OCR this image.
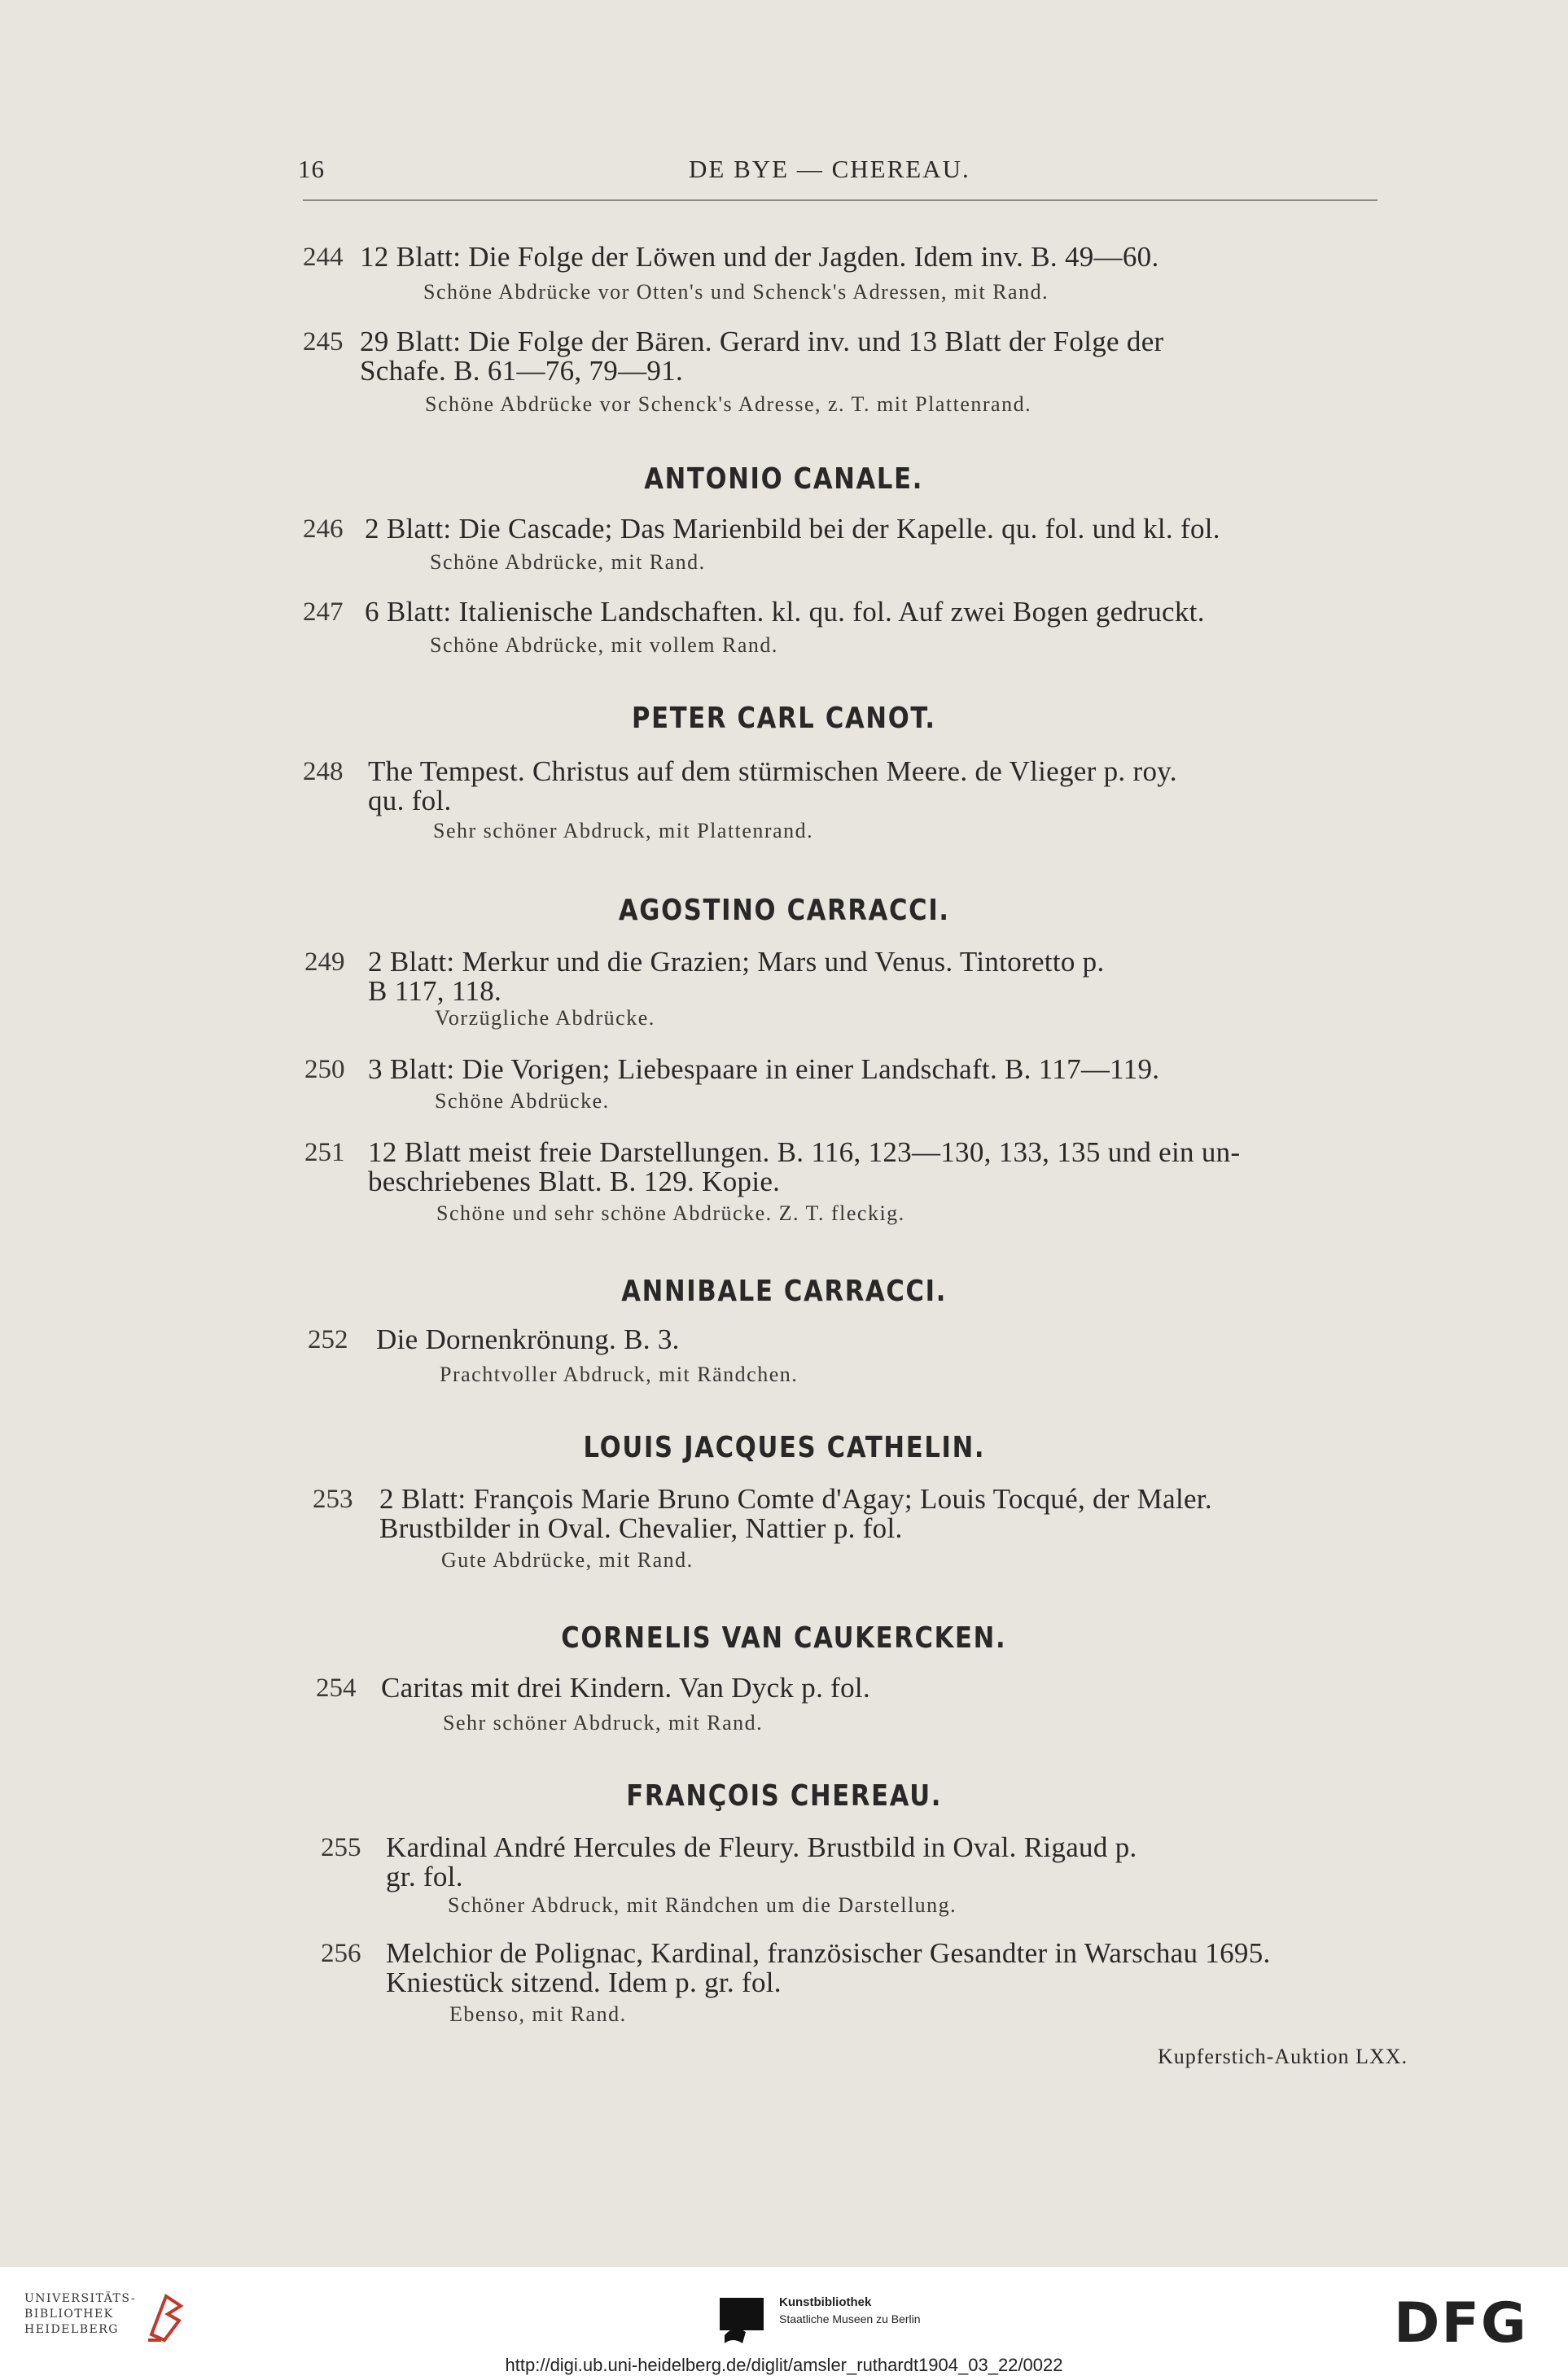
16	DE BYE — CHEREAU.
244 12 Blatt: Die Folge der Löwen und der Jagden. Idem inv. B. 49—60.
Schöne Abdrücke vor Otten's und Schenck's Adressen, mit Rand.
245 29 Blatt: Die Folge der Bären. Gerard inv. und 13 Blatt der Folge der
Schafe. B. 61—76, 79—91.
Schöne Abdrücke vor Schenck's Adresse, z. T. mit Plattenrand.
ANTONIO CANALE.
246 2 Blatt: Die Cascade; Das Marienbild bei der Kapelle. qu. fol. und kl. fol.
Schöne Abdrücke, mit Rand.
247 6 Blatt: Italienische Landschaften. kl. qu. fol. Auf zwei Bogen gedruckt.
Schöne Abdrücke, mit vollem Rand.
PETER CARL CANOT.
248 The Tempest. Christus auf dem stürmischen Meere. de Vlieger p. roy.
qu. fol.
Sehr schöner Abdruck, mit Plattenrand.
AGOSTINO CARRACCI.
249 2 Blatt: Merkur und die Grazien; Mars und Venus. Tintoretto p.
B 117, 118.
Vorzügliche Abdrücke.
250 3 Blatt: Die Vorigen; Liebespaare in einer Landschaft. B. 117—119.
Schöne Abdrücke.
251 12 Blatt meist freie Darstellungen. B. 116, 123—130, 133, 135 und ein un-
beschriebenes Blatt. B. 129. Kopie.
Schöne und sehr schöne Abdrücke. Z. T. fleckig.
ANNIBALE CARRACCI.
252 Die Dornenkrönung. B. 3.
Prachtvoller Abdruck, mit Rändchen.
LOUIS JACQUES CATHELIN.
253 2 Blatt: François Marie Bruno Comte d'Agay; Louis Tocqué, der Maler.
Brustbilder in Oval. Chevalier, Nattier p. fol.
Gute Abdrücke, mit Rand.
CORNELIS VAN CAUKERCKEN.
254 Caritas mit drei Kindern. Van Dyck p. fol.
Sehr schöner Abdruck, mit Rand.
FRANÇOIS CHEREAU.
255 Kardinal André Hercules de Fleury. Brustbild in Oval. Rigaud p.
gr. fol.
Schöner Abdruck, mit Rändchen um die Darstellung.
256 Melchior de Polignac, Kardinal, französischer Gesandter in Warschau 1695.
Kniestück sitzend. Idem p. gr. fol.
Ebenso, mit Rand.
Kupferstich-Auktion LXX.
UNIVERSITÄTS-
BIBLIOTHEK
HEIDELBERG
Kunstbibliothek
Staatliche Museen zu Berlin	DFG
http://digi.ub.uni-heidelberg.de/diglit/amsler_ruthardt1904_03_22/0022
